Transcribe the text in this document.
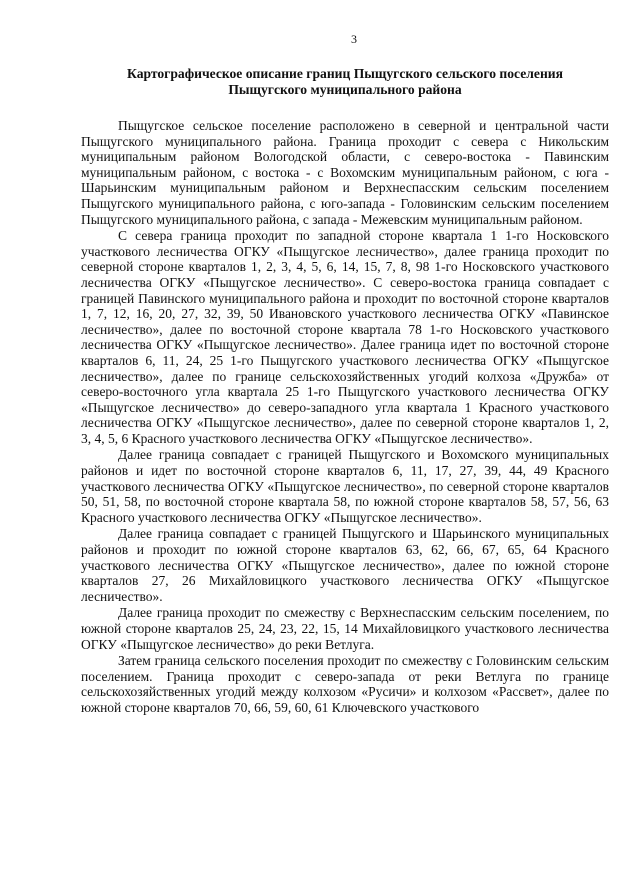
3
Картографическое описание границ Пыщугского сельского поселения
Пыщугского муниципального района

Пыщугское сельское поселение расположено в северной и центральной части Пыщугского муниципального района. Граница проходит с севера с Никольским муниципальным районом Вологодской области, с северо-востока - Павинским муниципальным районом, с востока - с Вохомским муниципальным районом, с юга - Шарьинским муниципальным районом и Верхнеспасским сельским поселением Пыщугского муниципального района, с юго-запада - Головинским сельским поселением Пыщугского муниципального района, с запада - Межевским муниципальным районом.

С севера граница проходит по западной стороне квартала 1 1-го Носковского участкового лесничества ОГКУ «Пыщугское лесничество», далее граница проходит по северной стороне кварталов 1, 2, 3, 4, 5, 6, 14, 15, 7, 8, 98 1-го Носковского участкового лесничества ОГКУ «Пыщугское лесничество». С северо-востока граница совпадает с границей Павинского муниципального района и проходит по восточной стороне кварталов 1, 7, 12, 16, 20, 27, 32, 39, 50 Ивановского участкового лесничества ОГКУ «Павинское лесничество», далее по восточной стороне квартала 78 1-го Носковского участкового лесничества ОГКУ «Пыщугское лесничество». Далее граница идет по восточной стороне кварталов 6, 11, 24, 25 1-го Пыщугского участкового лесничества ОГКУ «Пыщугское лесничество», далее по границе сельскохозяйственных угодий колхоза «Дружба» от северо-восточного угла квартала 25 1-го Пыщугского участкового лесничества ОГКУ «Пыщугское лесничество» до северо-западного угла квартала 1 Красного участкового лесничества ОГКУ «Пыщугское лесничество», далее по северной стороне кварталов 1, 2, 3, 4, 5, 6 Красного участкового лесничества ОГКУ «Пыщугское лесничество».

Далее граница совпадает с границей Пыщугского и Вохомского муниципальных районов и идет по восточной стороне кварталов 6, 11, 17, 27, 39, 44, 49 Красного участкового лесничества ОГКУ «Пыщугское лесничество», по северной стороне кварталов 50, 51, 58, по восточной стороне квартала 58, по южной стороне кварталов 58, 57, 56, 63 Красного участкового лесничества ОГКУ «Пыщугское лесничество».

Далее граница совпадает с границей Пыщугского и Шарьинского муниципальных районов и проходит по южной стороне кварталов 63, 62, 66, 67, 65, 64 Красного участкового лесничества ОГКУ «Пыщугское лесничество», далее по южной стороне кварталов 27, 26 Михайловицкого участкового лесничества ОГКУ «Пыщугское лесничество».

Далее граница проходит по смежеству с Верхнеспасским сельским поселением, по южной стороне кварталов 25, 24, 23, 22, 15, 14 Михайловицкого участкового лесничества ОГКУ «Пыщугское лесничество» до реки Ветлуга.

Затем граница сельского поселения проходит по смежеству с Головинским сельским поселением. Граница проходит с северо-запада от реки Ветлуга по границе сельскохозяйственных угодий между колхозом «Русичи» и колхозом «Рассвет», далее по южной стороне кварталов 70, 66, 59, 60, 61 Ключевского участкового
